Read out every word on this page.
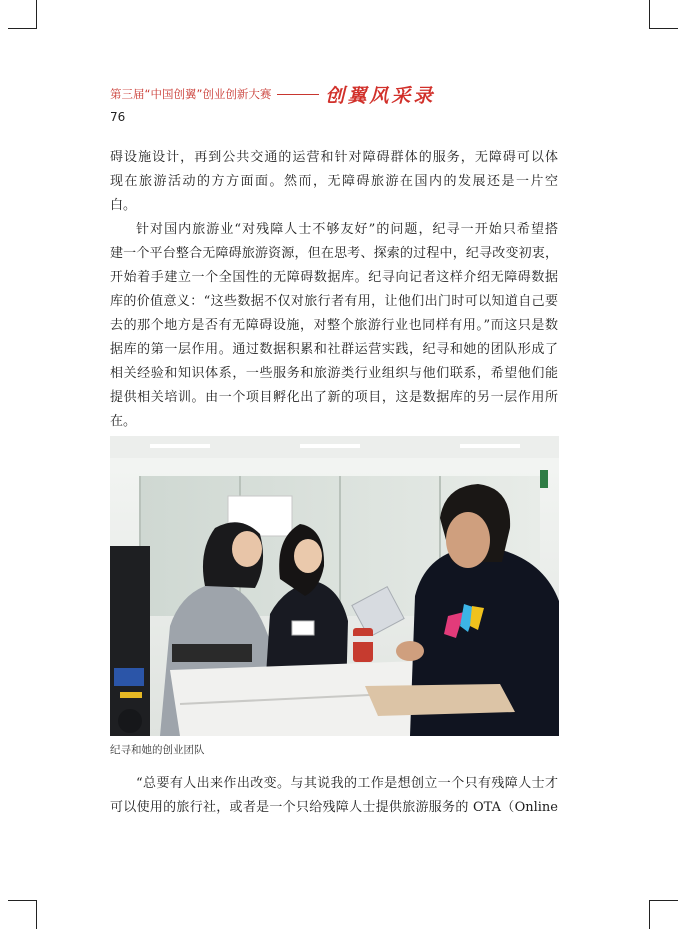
第三届“中国创翼”创业创新大赛	创翼风采录
76
碍设施设计，再到公共交通的运营和针对障碍群体的服务，无障碍可以体
现在旅游活动的方方面面。然而，无障碍旅游在国内的发展还是一片空
白。
针对国内旅游业“对残障人士不够友好”的问题，纪寻一开始只希望搭
建一个平台整合无障碍旅游资源，但在思考、探索的过程中，纪寻改变初衷，
开始着手建立一个全国性的无障碍数据库。纪寻向记者这样介绍无障碍数据
库的价值意义：“这些数据不仅对旅行者有用，让他们出门时可以知道自己要
去的那个地方是否有无障碍设施，对整个旅游行业也同样有用。”而这只是数
据库的第一层作用。通过数据积累和社群运营实践，纪寻和她的团队形成了
相关经验和知识体系，一些服务和旅游类行业组织与他们联系，希望他们能
提供相关培训。由一个项目孵化出了新的项目，这是数据库的另一层作用所
在。
纪寻和她的创业团队
“总要有人出来作出改变。与其说我的工作是想创立一个只有残障人士才
可以使用的旅行社，或者是一个只给残障人士提供旅游服务的 OTA（Online
